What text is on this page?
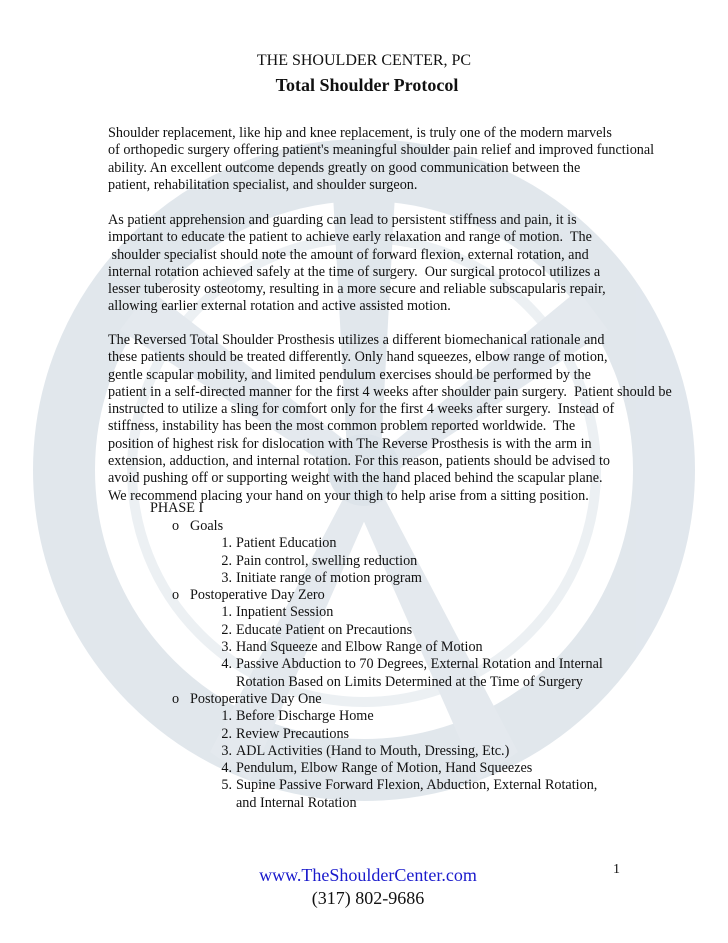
THE SHOULDER CENTER, PC
Total Shoulder Protocol
Shoulder replacement, like hip and knee replacement, is truly one of the modern marvels
of orthopedic surgery offering patient's meaningful shoulder pain relief and improved functional
ability. An excellent outcome depends greatly on good communication between the
patient, rehabilitation specialist, and shoulder surgeon.
As patient apprehension and guarding can lead to persistent stiffness and pain, it is
important to educate the patient to achieve early relaxation and range of motion.  The
shoulder specialist should note the amount of forward flexion, external rotation, and
internal rotation achieved safely at the time of surgery.  Our surgical protocol utilizes a
lesser tuberosity osteotomy, resulting in a more secure and reliable subscapularis repair,
allowing earlier external rotation and active assisted motion.
The Reversed Total Shoulder Prosthesis utilizes a different biomechanical rationale and
these patients should be treated differently. Only hand squeezes, elbow range of motion,
gentle scapular mobility, and limited pendulum exercises should be performed by the
patient in a self-directed manner for the first 4 weeks after shoulder pain surgery.  Patient should be
instructed to utilize a sling for comfort only for the first 4 weeks after surgery.  Instead of
stiffness, instability has been the most common problem reported worldwide.  The
position of highest risk for dislocation with The Reverse Prosthesis is with the arm in
extension, adduction, and internal rotation. For this reason, patients should be advised to
avoid pushing off or supporting weight with the hand placed behind the scapular plane.
We recommend placing your hand on your thigh to help arise from a sitting position.
PHASE I
o Goals
1. Patient Education
2. Pain control, swelling reduction
3. Initiate range of motion program
o Postoperative Day Zero
1. Inpatient Session
2. Educate Patient on Precautions
3. Hand Squeeze and Elbow Range of Motion
4. Passive Abduction to 70 Degrees, External Rotation and Internal
Rotation Based on Limits Determined at the Time of Surgery
o Postoperative Day One
1. Before Discharge Home
2. Review Precautions
3. ADL Activities (Hand to Mouth, Dressing, Etc.)
4. Pendulum, Elbow Range of Motion, Hand Squeezes
5. Supine Passive Forward Flexion, Abduction, External Rotation,
and Internal Rotation
1
www.TheShoulderCenter.com
(317) 802-9686
